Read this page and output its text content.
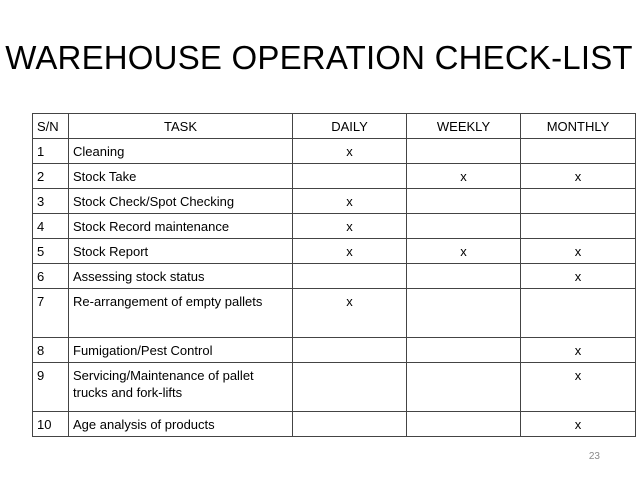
WAREHOUSE OPERATION CHECK-LIST
S/N	TASK	DAILY	WEEKLY	MONTHLY
1	Cleaning	x		
2	Stock Take		x	x
3	Stock Check/Spot Checking	x		
4	Stock Record maintenance	x		
5	Stock Report	x	x	x
6	Assessing stock status			x
7	Re-arrangement of empty pallets	x		
8	Fumigation/Pest Control			x
9	Servicing/Maintenance of pallet trucks and fork-lifts			x
10	Age analysis of products			x
23
